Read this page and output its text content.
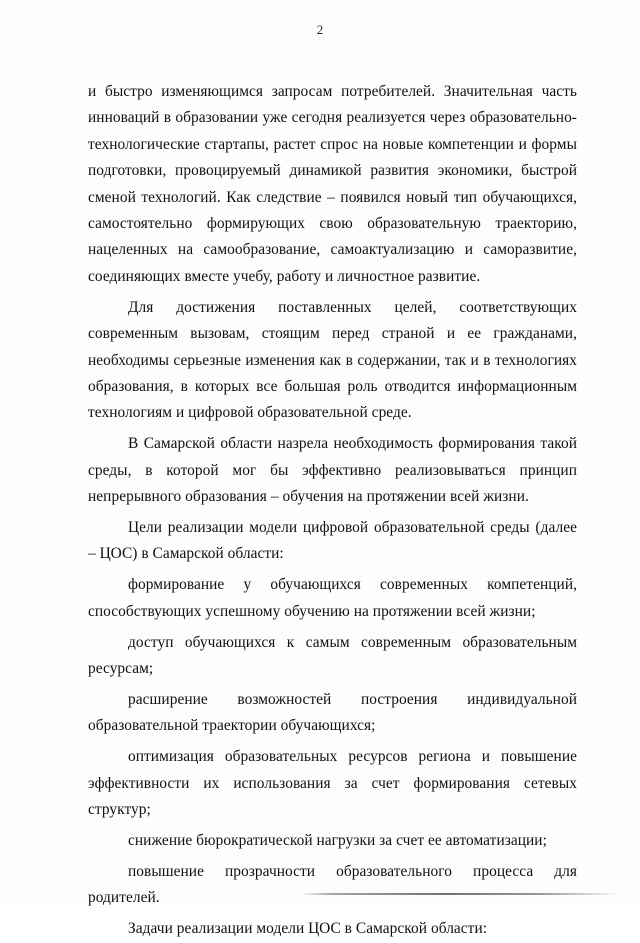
2

и быстро изменяющимся запросам потребителей. Значительная часть инноваций в образовании уже сегодня реализуется через образовательно-технологические стартапы, растет спрос на новые компетенции и формы подготовки, провоцируемый динамикой развития экономики, быстрой сменой технологий. Как следствие – появился новый тип обучающихся, самостоятельно формирующих свою образовательную траекторию, нацеленных на самообразование, самоактуализацию и саморазвитие, соединяющих вместе учебу, работу и личностное развитие.

Для достижения поставленных целей, соответствующих современным вызовам, стоящим перед страной и ее гражданами, необходимы серьезные изменения как в содержании, так и в технологиях образования, в которых все большая роль отводится информационным технологиям и цифровой образовательной среде.

В Самарской области назрела необходимость формирования такой среды, в которой мог бы эффективно реализовываться принцип непрерывного образования – обучения на протяжении всей жизни.

Цели реализации модели цифровой образовательной среды (далее – ЦОС) в Самарской области:

формирование у обучающихся современных компетенций, способствующих успешному обучению на протяжении всей жизни;

доступ обучающихся к самым современным образовательным ресурсам;

расширение возможностей построения индивидуальной образовательной траектории обучающихся;

оптимизация образовательных ресурсов региона и повышение эффективности их использования за счет формирования сетевых структур;

снижение бюрократической нагрузки за счет ее автоматизации;

повышение прозрачности образовательного процесса для родителей.

Задачи реализации модели ЦОС в Самарской области:
